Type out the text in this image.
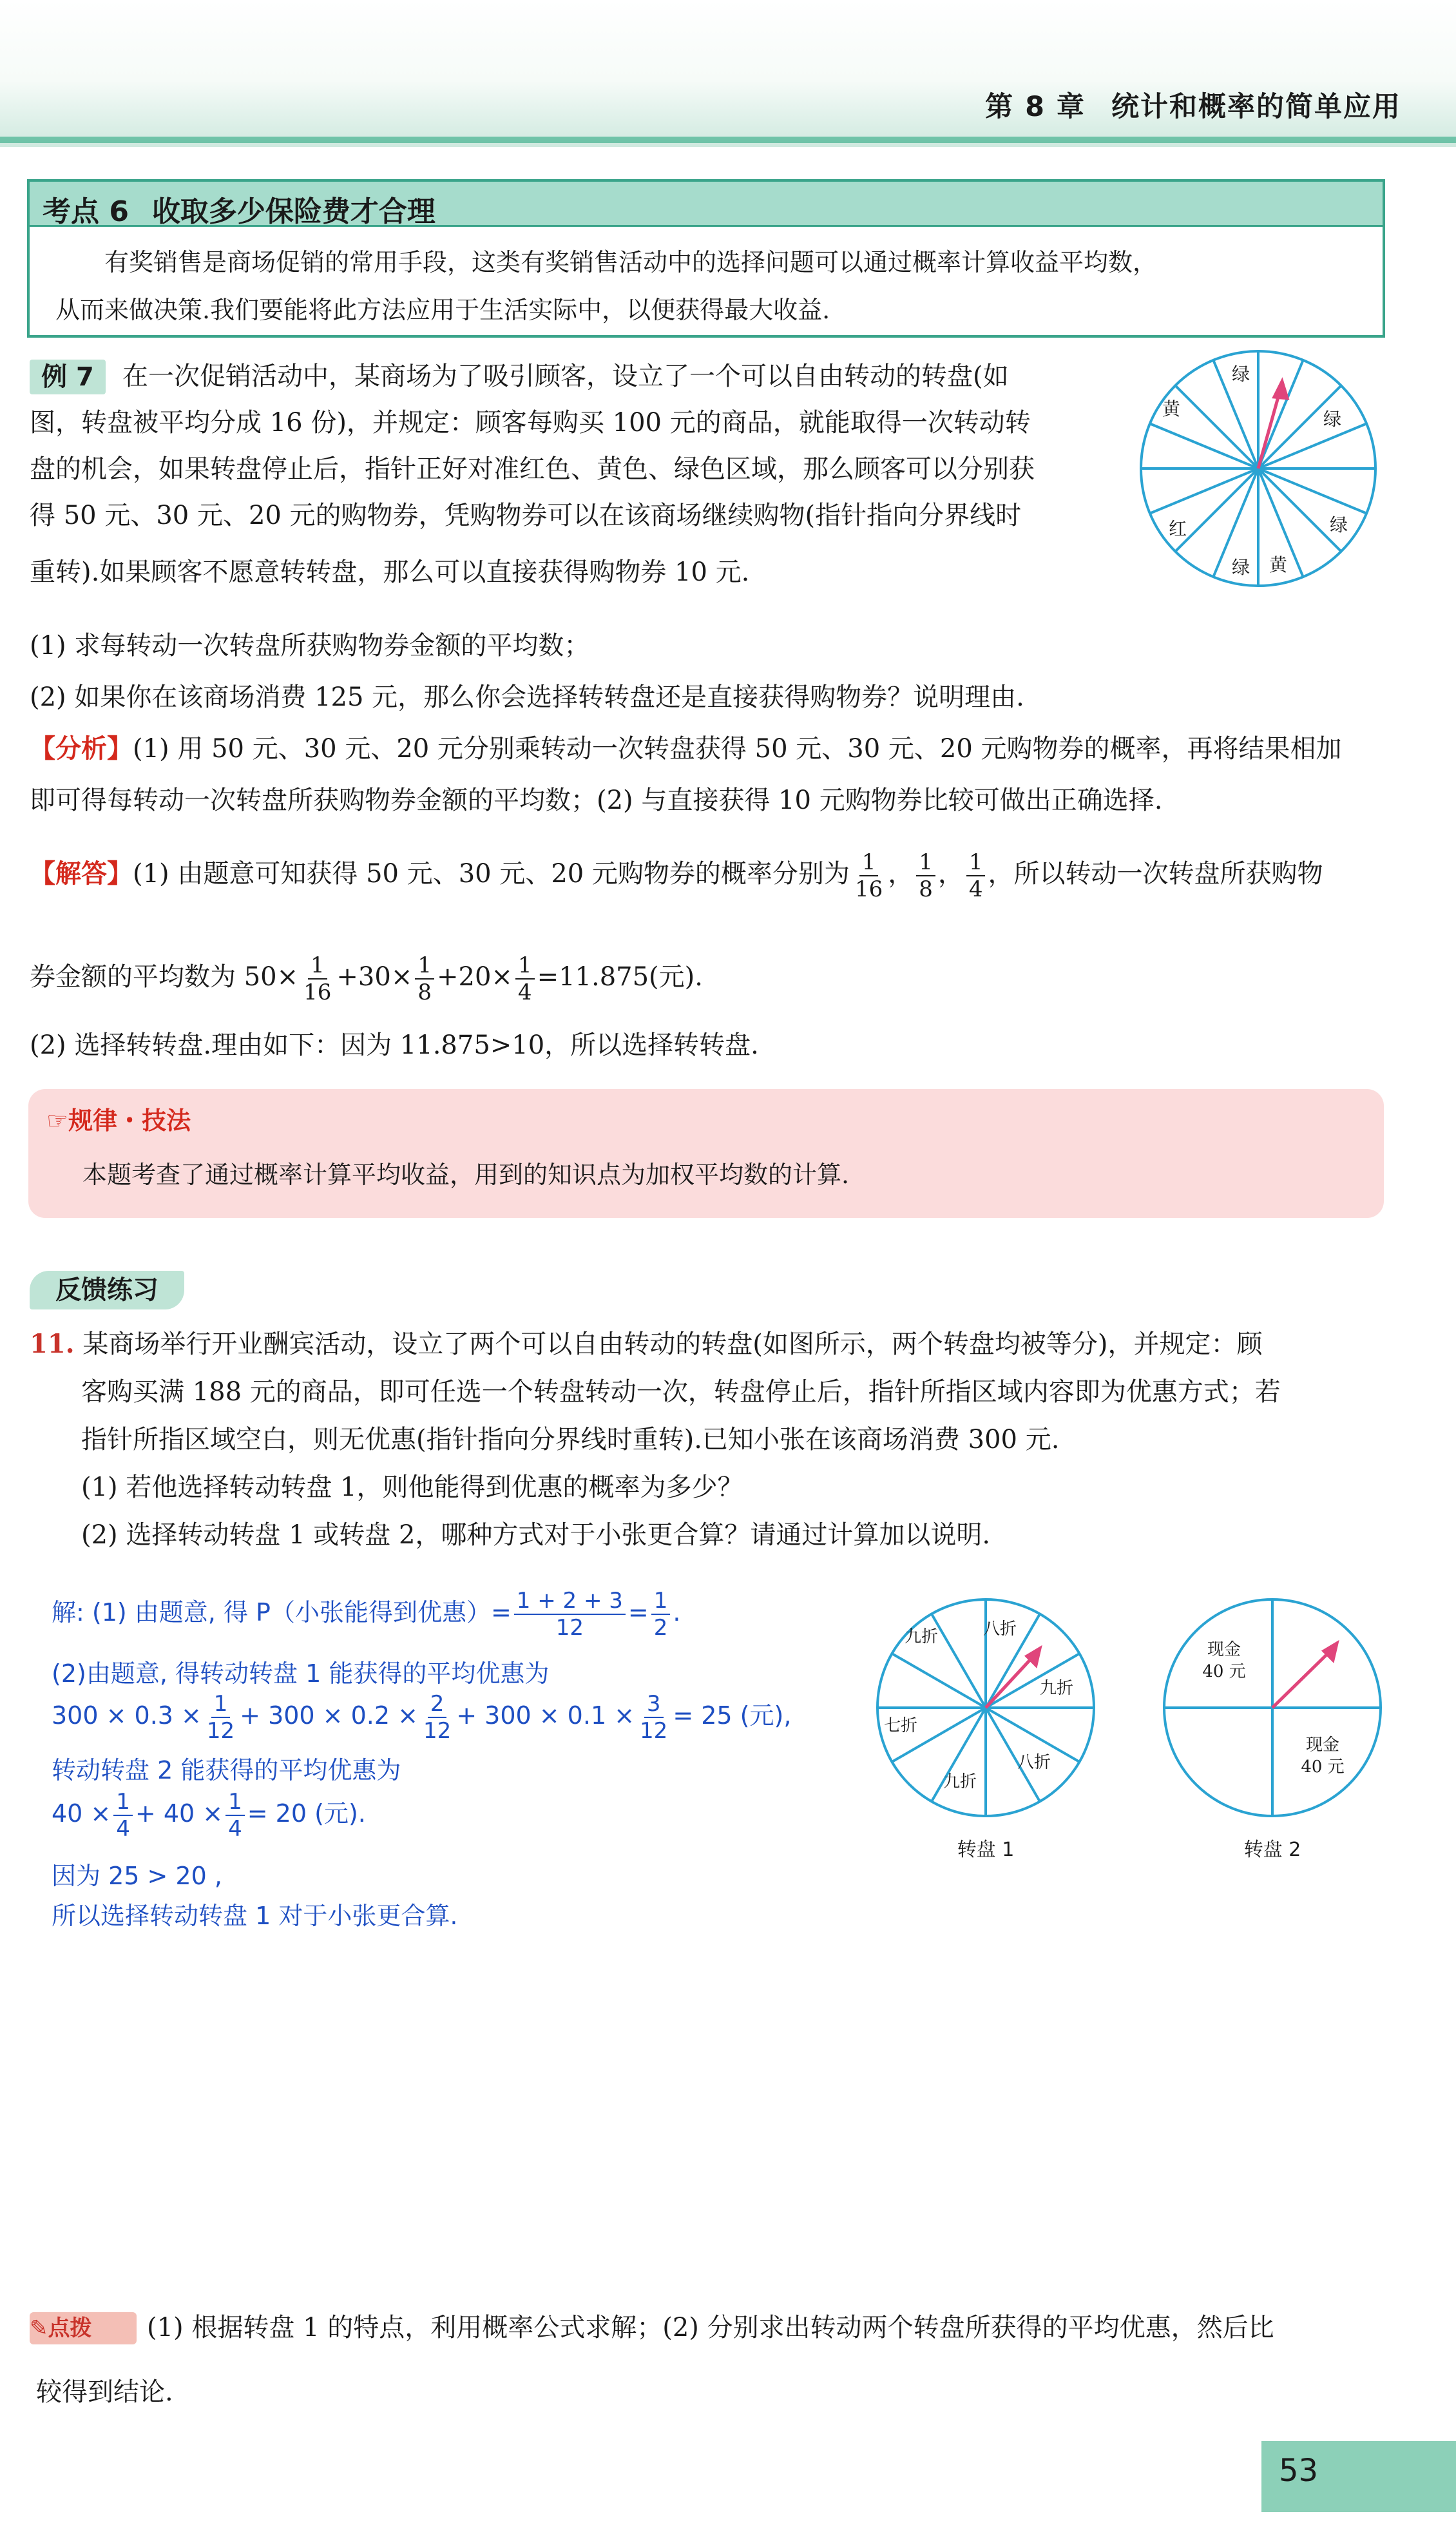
第 8 章 统计和概率的简单应用
考点 6 收取多少保险费才合理
有奖销售是商场促销的常用手段，这类有奖销售活动中的选择问题可以通过概率计算收益平均数，
从而来做决策.我们要能将此方法应用于生活实际中，以便获得最大收益.
例 7	在一次促销活动中，某商场为了吸引顾客，设立了一个可以自由转动的转盘(如
图，转盘被平均分成 16 份)，并规定：顾客每购买 100 元的商品，就能取得一次转动转
盘的机会，如果转盘停止后，指针正好对准红色、黄色、绿色区域，那么顾客可以分别获
得 50 元、30 元、20 元的购物券，凭购物券可以在该商场继续购物(指针指向分界线时
重转).如果顾客不愿意转转盘，那么可以直接获得购物券 10 元.
(1) 求每转动一次转盘所获购物券金额的平均数；
(2) 如果你在该商场消费 125 元，那么你会选择转转盘还是直接获得购物券？说明理由.
绿
绿
黄
绿
红
绿 黄
【分析】(1) 用 50 元、30 元、20 元分别乘转动一次转盘获得 50 元、30 元、20 元购物券的概率，再将结果相加
即可得每转动一次转盘所获购物券金额的平均数；(2) 与直接获得 10 元购物券比较可做出正确选择.
【解答】(1) 由题意可知获得 50 元、30 元、20 元购物券的概率分别为 $\frac{1}{16}$ ， $\frac{1}{8}$ ， $\frac{1}{4}$ ，所以转动一次转盘所获购物
券金额的平均数为 $50\times \frac{1}{16} +30\times \frac{1}{8} +20\times \frac{1}{4} =11.875$(元).
(2) 选择转转盘.理由如下：因为 11.875>10，所以选择转转盘.
☞规律・技法
本题考查了通过概率计算平均收益，用到的知识点为加权平均数的计算.
反馈练习
11. 某商场举行开业酬宾活动，设立了两个可以自由转动的转盘(如图所示，两个转盘均被等分)，并规定：顾
客购买满 188 元的商品，即可任选一个转盘转动一次，转盘停止后，指针所指区域内容即为优惠方式；若
指针所指区域空白，则无优惠(指针指向分界线时重转).已知小张在该商场消费 300 元.
(1) 若他选择转动转盘 1，则他能得到优惠的概率为多少？
(2) 选择转动转盘 1 或转盘 2，哪种方式对于小张更合算？请通过计算加以说明.
解: (1) 由题意, 得 P（小张能得到优惠）= $\frac{1 + 2 + 3}{12} = \frac{1}{2}$ .
(2)由题意, 得转动转盘 1 能获得的平均优惠为
$300 \times 0.3 \times \frac{1}{12} + 300 \times 0.2 \times \frac{2}{12} + 300 \times 0.1 \times \frac{3}{12} = 25$ (元),
转动转盘 2 能获得的平均优惠为
$40 \times \frac{1}{4} + 40 \times \frac{1}{4} = 20$ (元).
因为 25 > 20 ,
所以选择转动转盘 1 对于小张更合算.
九折	八折
九折
八折
九折
七折
转盘 1
现金
40 元
现金
40 元
转盘 2
✎点拨	(1) 根据转盘 1 的特点，利用概率公式求解；(2) 分别求出转动两个转盘所获得的平均优惠，然后比
较得到结论.
53
